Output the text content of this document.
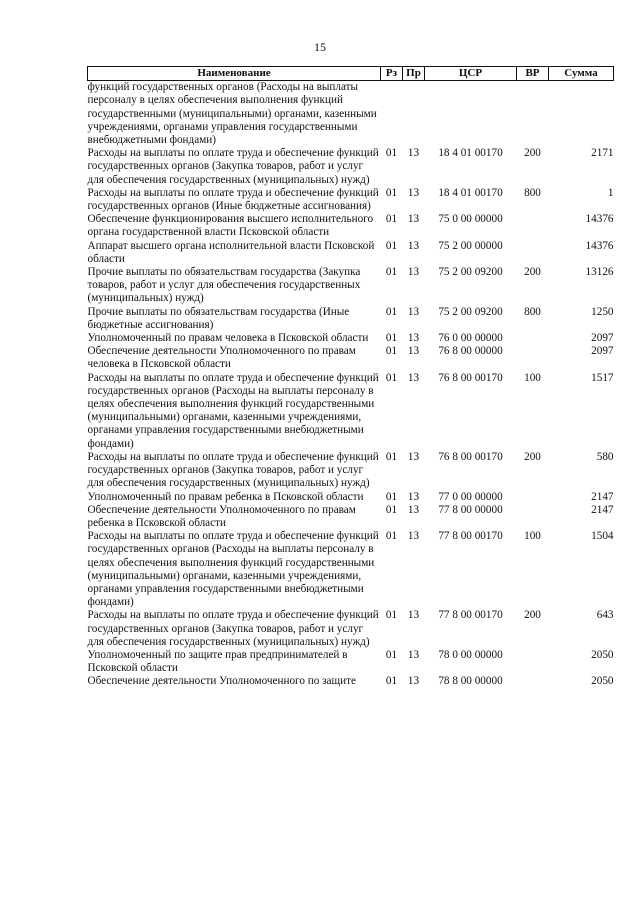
15
Наименование	Рз	Пр	ЦСР	ВР	Сумма
функций государственных органов (Расходы на выплаты персоналу в целях обеспечения выполнения функций государственными (муниципальными) органами, казенными учреждениями, органами управления государственными внебюджетными фондами)					
Расходы на выплаты по оплате труда и обеспечение функций государственных органов (Закупка товаров, работ и услуг для обеспечения государственных (муниципальных) нужд)	01	13	18 4 01 00170	200	2171
Расходы на выплаты по оплате труда и обеспечение функций государственных органов (Иные бюджетные ассигнования)	01	13	18 4 01 00170	800	1
Обеспечение функционирования высшего исполнительного органа государственной власти Псковской области	01	13	75 0 00 00000		14376
Аппарат высшего органа исполнительной власти Псковской области	01	13	75 2 00 00000		14376
Прочие выплаты по обязательствам государства (Закупка товаров, работ и услуг для обеспечения государственных (муниципальных) нужд)	01	13	75 2 00 09200	200	13126
Прочие выплаты по обязательствам государства (Иные бюджетные ассигнования)	01	13	75 2 00 09200	800	1250
Уполномоченный по правам человека в Псковской области	01	13	76 0 00 00000		2097
Обеспечение деятельности Уполномоченного по правам человека в Псковской области	01	13	76 8 00 00000		2097
Расходы на выплаты по оплате труда и обеспечение функций государственных органов (Расходы на выплаты персоналу в целях обеспечения выполнения функций государственными (муниципальными) органами, казенными учреждениями, органами управления государственными внебюджетными фондами)	01	13	76 8 00 00170	100	1517
Расходы на выплаты по оплате труда и обеспечение функций государственных органов (Закупка товаров, работ и услуг для обеспечения государственных (муниципальных) нужд)	01	13	76 8 00 00170	200	580
Уполномоченный по правам ребенка в Псковской области	01	13	77 0 00 00000		2147
Обеспечение деятельности Уполномоченного по правам ребенка в Псковской области	01	13	77 8 00 00000		2147
Расходы на выплаты по оплате труда и обеспечение функций государственных органов (Расходы на выплаты персоналу в целях обеспечения выполнения функций государственными (муниципальными) органами, казенными учреждениями, органами управления государственными внебюджетными фондами)	01	13	77 8 00 00170	100	1504
Расходы на выплаты по оплате труда и обеспечение функций государственных органов (Закупка товаров, работ и услуг для обеспечения государственных (муниципальных) нужд)	01	13	77 8 00 00170	200	643
Уполномоченный по защите прав предпринимателей в Псковской области	01	13	78 0 00 00000		2050
Обеспечение деятельности Уполномоченного по защите	01	13	78 8 00 00000		2050
